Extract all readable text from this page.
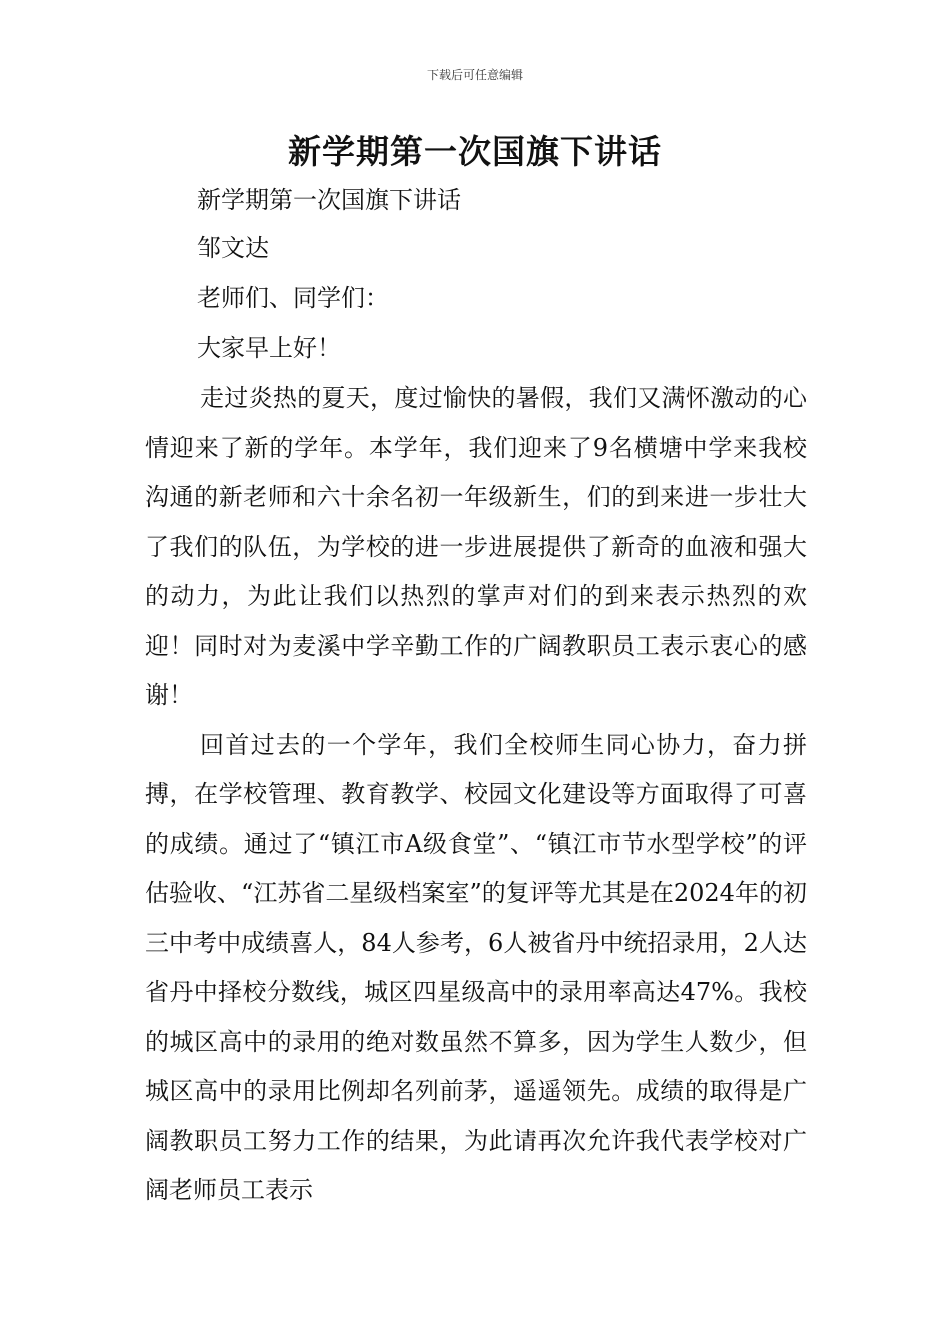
下载后可任意编辑
新学期第一次国旗下讲话

新学期第一次国旗下讲话

邹文达

老师们、同学们：

大家早上好！

走过炎热的夏天，度过愉快的暑假，我们又满怀激动的心情迎来了新的学年。本学年，我们迎来了9名横塘中学来我校沟通的新老师和六十余名初一年级新生，们的到来进一步壮大了我们的队伍，为学校的进一步进展提供了新奇的血液和强大的动力，为此让我们以热烈的掌声对们的到来表示热烈的欢迎！同时对为麦溪中学辛勤工作的广阔教职员工表示衷心的感谢！

回首过去的一个学年，我们全校师生同心协力，奋力拼搏，在学校管理、教育教学、校园文化建设等方面取得了可喜的成绩。通过了“镇江市A级食堂”、“镇江市节水型学校”的评估验收、“江苏省二星级档案室”的复评等尤其是在2024年的初三中考中成绩喜人，84人参考，6人被省丹中统招录用，2人达省丹中择校分数线，城区四星级高中的录用率高达47%。我校的城区高中的录用的绝对数虽然不算多，因为学生人数少，但城区高中的录用比例却名列前茅，遥遥领先。成绩的取得是广阔教职员工努力工作的结果，为此请再次允许我代表学校对广阔老师员工表示
